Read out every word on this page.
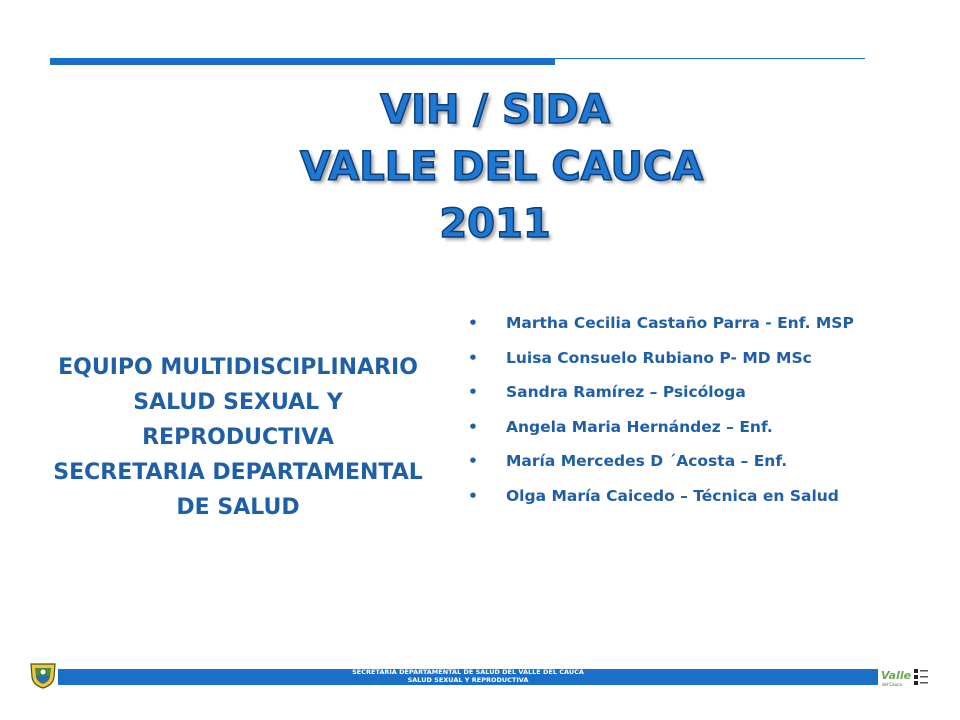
VIH / SIDA
VALLE DEL CAUCA
2011
EQUIPO MULTIDISCIPLINARIO
SALUD SEXUAL Y
REPRODUCTIVA
SECRETARIA DEPARTAMENTAL
DE SALUD
• Martha Cecilia Castaño Parra - Enf. MSP
• Luisa Consuelo Rubiano P- MD MSc
• Sandra Ramírez – Psicóloga
• Angela Maria Hernández – Enf.
• María Mercedes D ´Acosta – Enf.
• Olga María Caicedo – Técnica en Salud
SECRETARIA DEPARTAMENTAL DE SALUD DEL VALLE DEL CAUCA
SALUD SEXUAL Y REPRODUCTIVA	Valle
del Cauca
